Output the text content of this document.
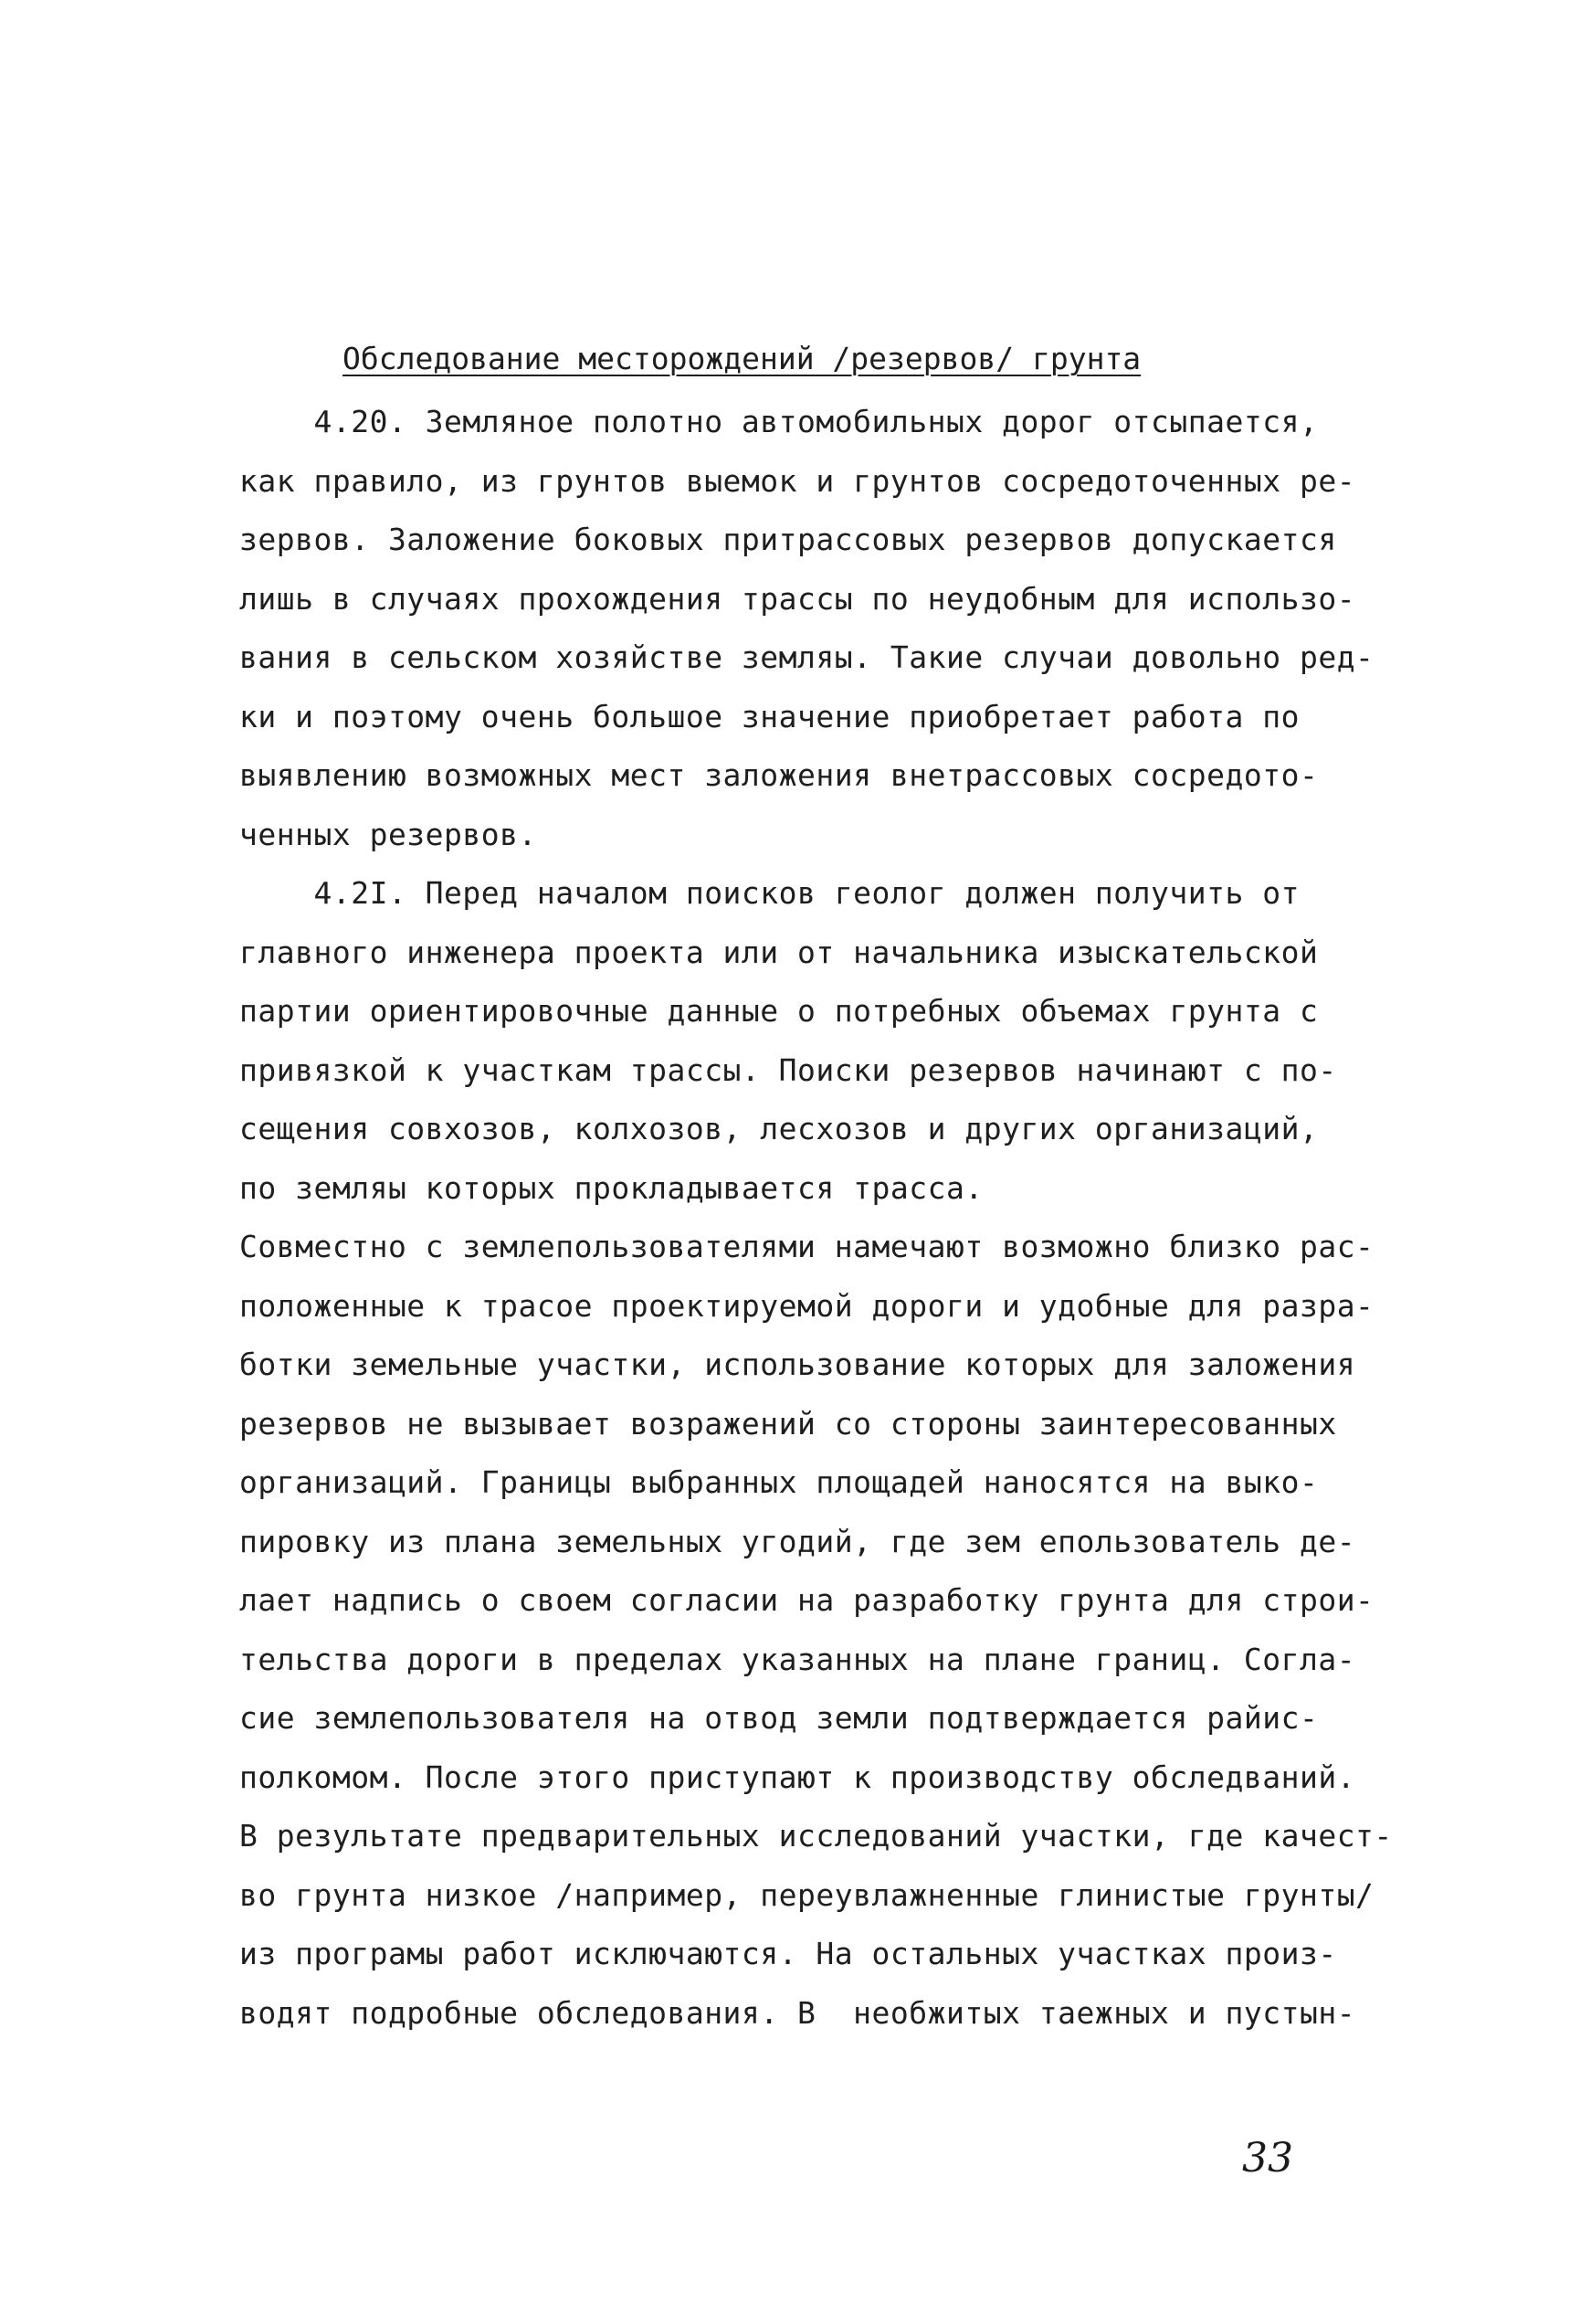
Обследование месторождений /резервов/ грунта
4.20. Земляное полотно автомобильных дорог отсыпается,
как правило, из грунтов выемок и грунтов сосредоточенных ре-
зервов. Заложение боковых притрассовых резервов допускается
лишь в случаях прохождения трассы по неудобным для использо-
вания в сельском хозяйстве земляы. Такие случаи довольно ред-
ки и поэтому очень большое значение приобретает работа по
выявлению возможных мест заложения внетрассовых сосредото-
ченных резервов.
4.2I. Перед началом поисков геолог должен получить от
главного инженера проекта или от начальника изыскательской
партии ориентировочные данные о потребных объемах грунта с
привязкой к участкам трассы. Поиски резервов начинают с по-
сещения совхозов, колхозов, лесхозов и других организаций,
по земляы которых прокладывается трасса.
Совместно с землепользователями намечают возможно близко рас-
положенные к трасое проектируемой дороги и удобные для разра-
ботки земельные участки, использование которых для заложения
резервов не вызывает возражений со стороны заинтересованных
организаций. Границы выбранных площадей наносятся на выко-
пировку из плана земельных угодий, где зем епользователь де-
лает надпись о своем согласии на разработку грунта для строи-
тельства дороги в пределах указанных на плане границ. Согла-
сие землепользователя на отвод земли подтверждается райис-
полкомом. После этого приступают к производству обследваний.
В результате предварительных исследований участки, где качест-
во грунта низкое /например, переувлажненные глинистые грунты/
из програмы работ исключаются. На остальных участках произ-
водят подробные обследования. В  необжитых таежных и пустын-
33
